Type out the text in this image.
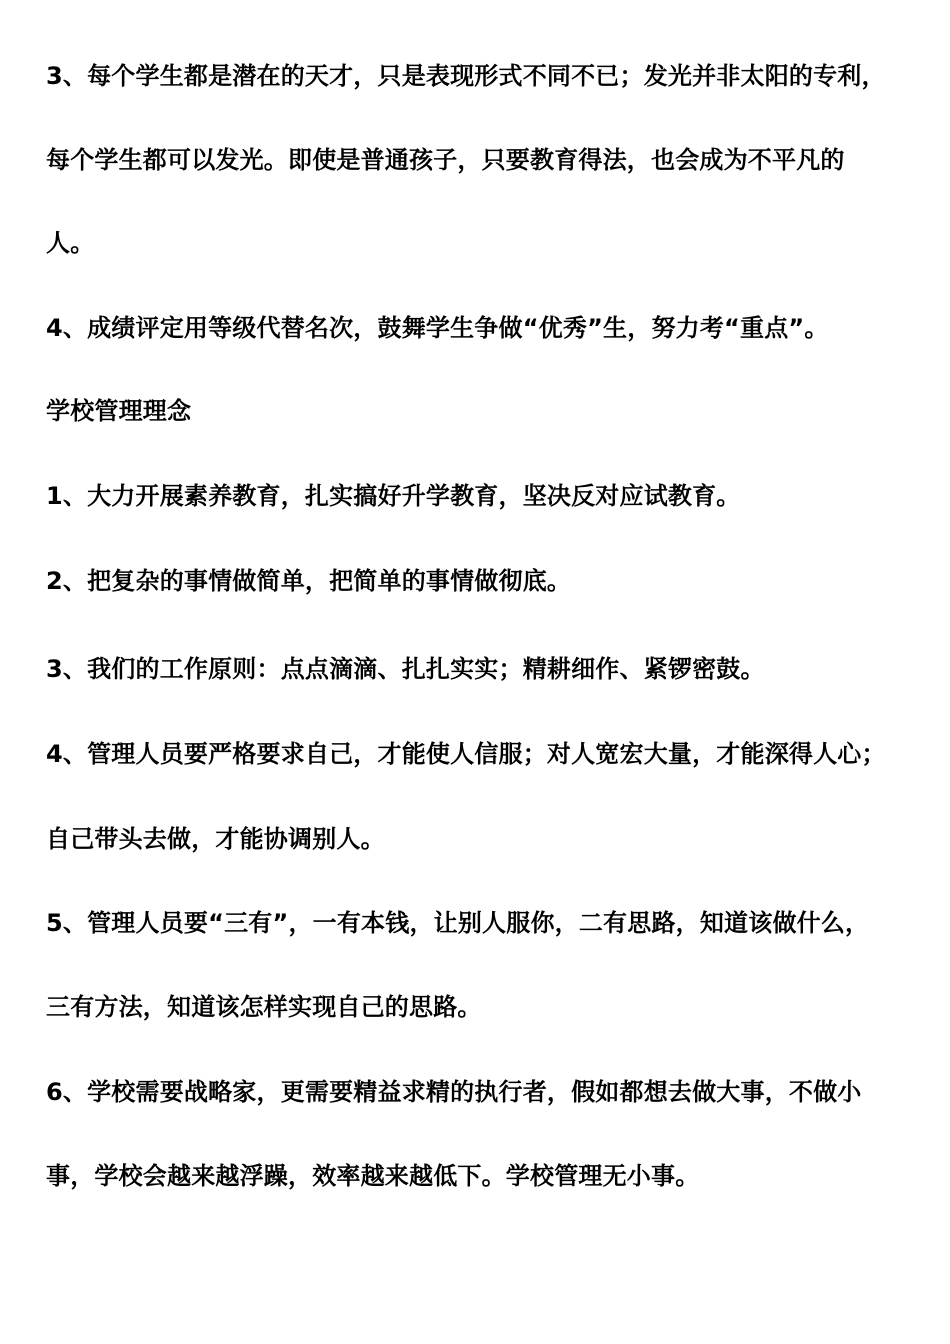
3、每个学生都是潜在的天才，只是表现形式不同不已；发光并非太阳的专利，
每个学生都可以发光。即使是普通孩子，只要教育得法，也会成为不平凡的
人。
4、成绩评定用等级代替名次，鼓舞学生争做“优秀”生，努力考“重点”。
学校管理理念
1、大力开展素养教育，扎实搞好升学教育，坚决反对应试教育。
2、把复杂的事情做简单，把简单的事情做彻底。
3、我们的工作原则：点点滴滴、扎扎实实；精耕细作、紧锣密鼓。
4、管理人员要严格要求自己，才能使人信服；对人宽宏大量，才能深得人心；
自己带头去做，才能协调别人。
5、管理人员要“三有”，一有本钱，让别人服你，二有思路，知道该做什么，
三有方法，知道该怎样实现自己的思路。
6、学校需要战略家，更需要精益求精的执行者，假如都想去做大事，不做小
事，学校会越来越浮躁，效率越来越低下。学校管理无小事。
